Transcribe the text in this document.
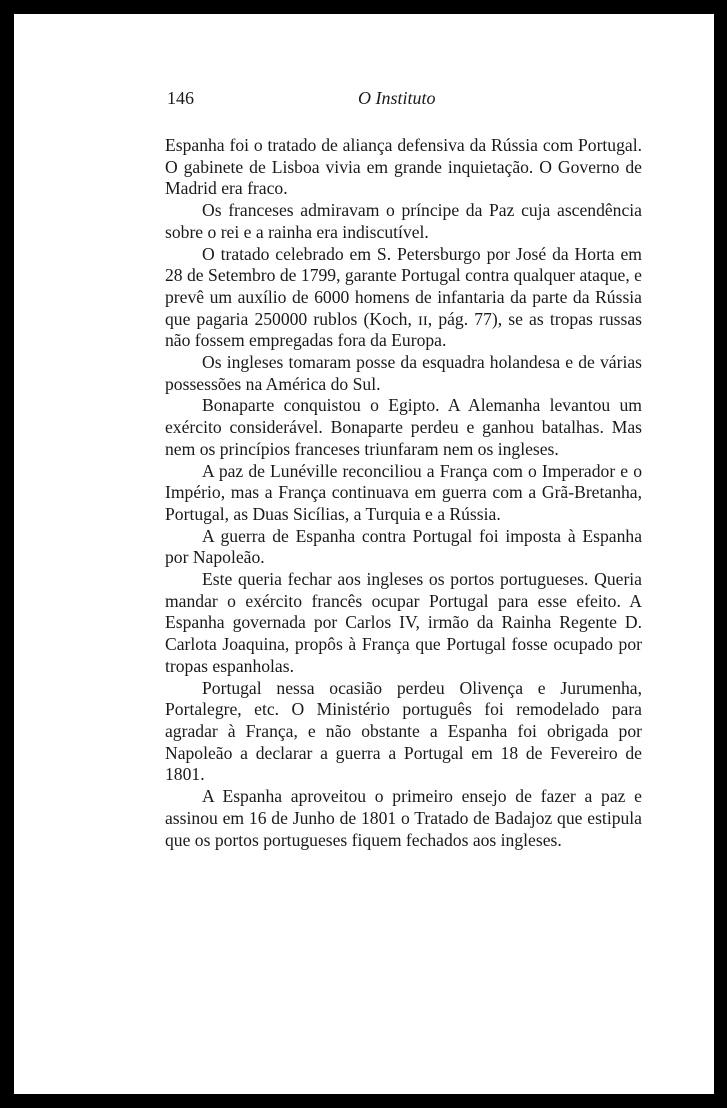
146	O Instituto

Espanha foi o tratado de aliança defensiva da Rússia com Portugal. O gabinete de Lisboa vivia em grande inquietação. O Governo de Madrid era fraco.

Os franceses admiravam o príncipe da Paz cuja ascendência sobre o rei e a rainha era indiscutível.

O tratado celebrado em S. Petersburgo por José da Horta em 28 de Setembro de 1799, garante Portugal contra qualquer ataque, e prevê um auxílio de 6000 homens de infantaria da parte da Rússia que pagaria 250000 rublos (Koch, ɪɪ, pág. 77), se as tropas russas não fossem empregadas fora da Europa.

Os ingleses tomaram posse da esquadra holandesa e de várias possessões na América do Sul.

Bonaparte conquistou o Egipto. A Alemanha levantou um exército considerável. Bonaparte perdeu e ganhou batalhas. Mas nem os princípios franceses triunfaram nem os ingleses.

A paz de Lunéville reconciliou a França com o Imperador e o Império, mas a França continuava em guerra com a Grã-Bretanha, Portugal, as Duas Sicílias, a Turquia e a Rússia.

A guerra de Espanha contra Portugal foi imposta à Espanha por Napoleão.

Este queria fechar aos ingleses os portos portugueses. Queria mandar o exército francês ocupar Portugal para esse efeito. A Espanha governada por Carlos IV, irmão da Rainha Regente D. Carlota Joaquina, propôs à França que Portugal fosse ocupado por tropas espanholas.

Portugal nessa ocasião perdeu Olivença e Jurumenha, Portalegre, etc. O Ministério português foi remodelado para agradar à França, e não obstante a Espanha foi obrigada por Napoleão a declarar a guerra a Portugal em 18 de Fevereiro de 1801.

A Espanha aproveitou o primeiro ensejo de fazer a paz e assinou em 16 de Junho de 1801 o Tratado de Badajoz que estipula que os portos portugueses fiquem fechados aos ingleses.
